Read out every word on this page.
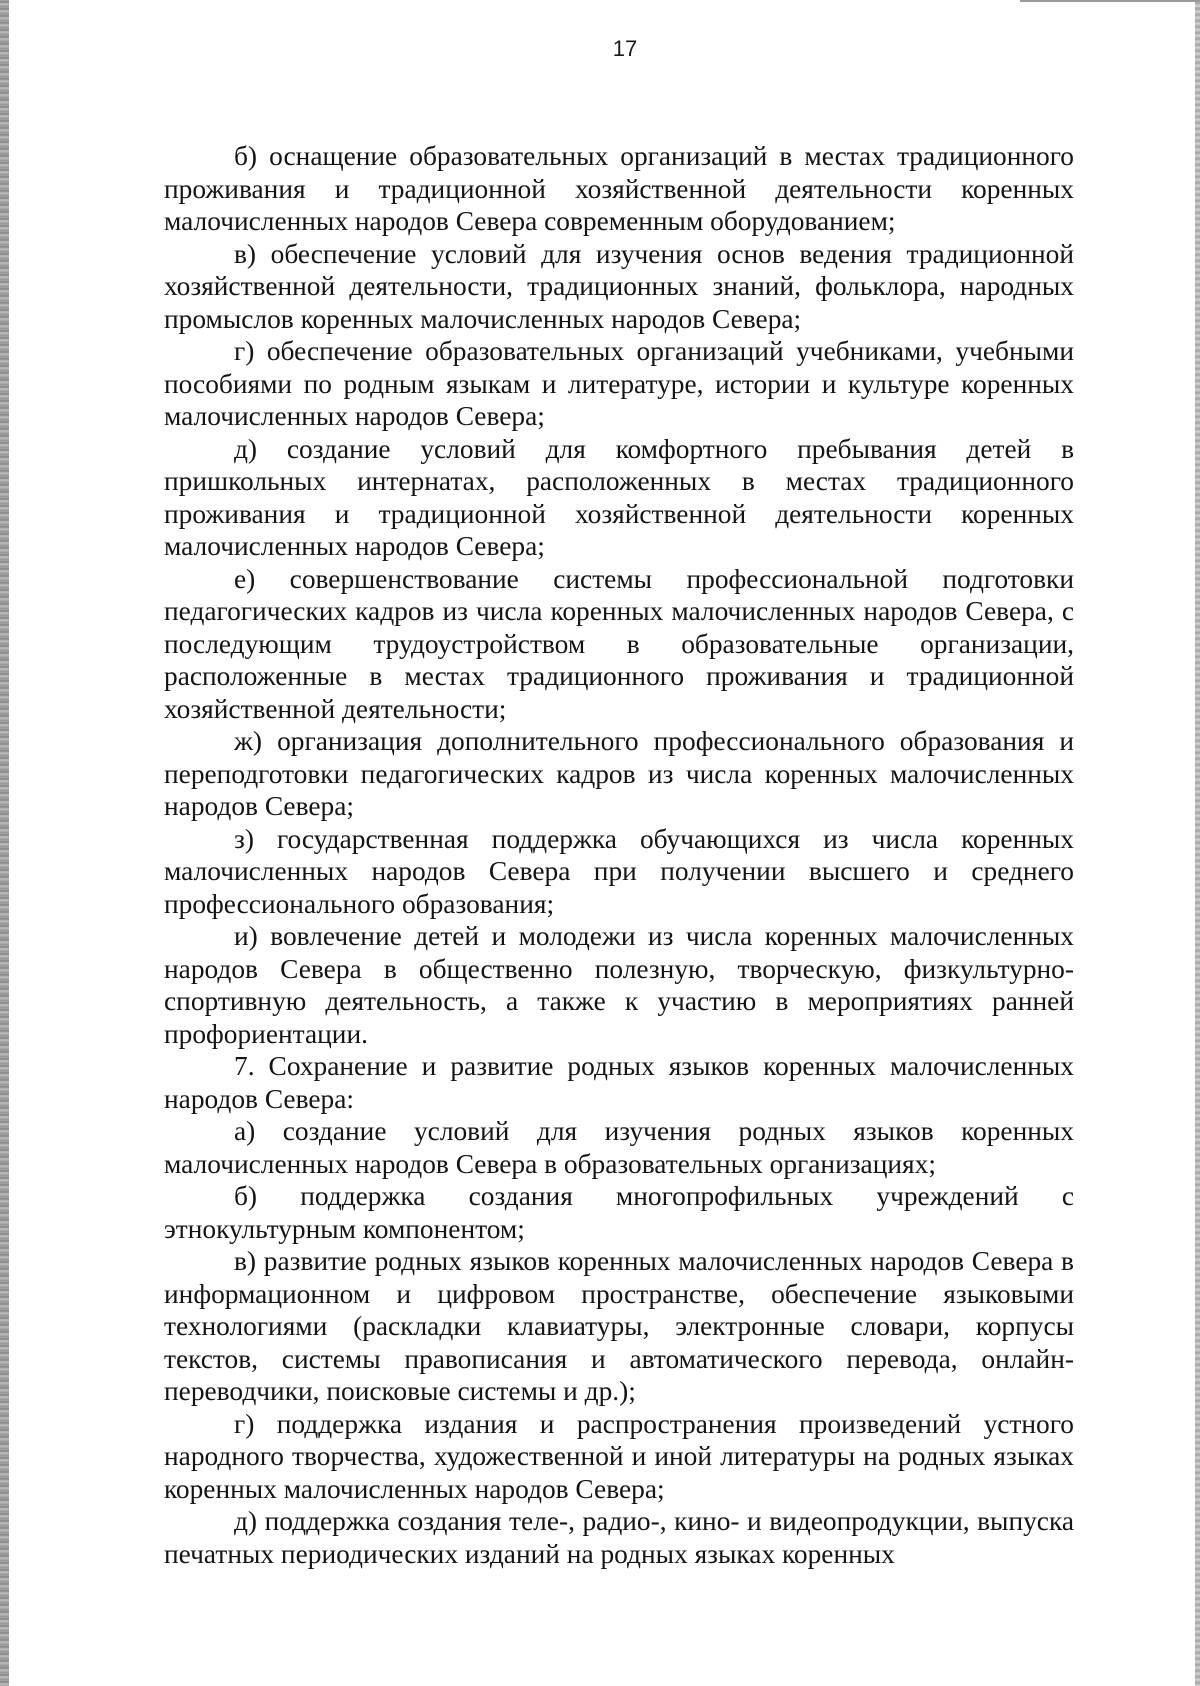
17

б) оснащение образовательных организаций в местах традиционного проживания и традиционной хозяйственной деятельности коренных малочисленных народов Севера современным оборудованием;

в) обеспечение условий для изучения основ ведения традиционной хозяйственной деятельности, традиционных знаний, фольклора, народных промыслов коренных малочисленных народов Севера;

г) обеспечение образовательных организаций учебниками, учебными пособиями по родным языкам и литературе, истории и культуре коренных малочисленных народов Севера;

д) создание условий для комфортного пребывания детей в пришкольных интернатах, расположенных в местах традиционного проживания и традиционной хозяйственной деятельности коренных малочисленных народов Севера;

е) совершенствование системы профессиональной подготовки педагогических кадров из числа коренных малочисленных народов Севера, с последующим трудоустройством в образовательные организации, расположенные в местах традиционного проживания и традиционной хозяйственной деятельности;

ж) организация дополнительного профессионального образования и переподготовки педагогических кадров из числа коренных малочисленных народов Севера;

з) государственная поддержка обучающихся из числа коренных малочисленных народов Севера при получении высшего и среднего профессионального образования;

и) вовлечение детей и молодежи из числа коренных малочисленных народов Севера в общественно полезную, творческую, физкультурно-спортивную деятельность, а также к участию в мероприятиях ранней профориентации.

7. Сохранение и развитие родных языков коренных малочисленных народов Севера:

а) создание условий для изучения родных языков коренных малочисленных народов Севера в образовательных организациях;

б) поддержка создания многопрофильных учреждений с этнокультурным компонентом;

в) развитие родных языков коренных малочисленных народов Севера в информационном и цифровом пространстве, обеспечение языковыми технологиями (раскладки клавиатуры, электронные словари, корпусы текстов, системы правописания и автоматического перевода, онлайн-переводчики, поисковые системы и др.);

г) поддержка издания и распространения произведений устного народного творчества, художественной и иной литературы на родных языках коренных малочисленных народов Севера;

д) поддержка создания теле-, радио-, кино- и видеопродукции, выпуска печатных периодических изданий на родных языках коренных
